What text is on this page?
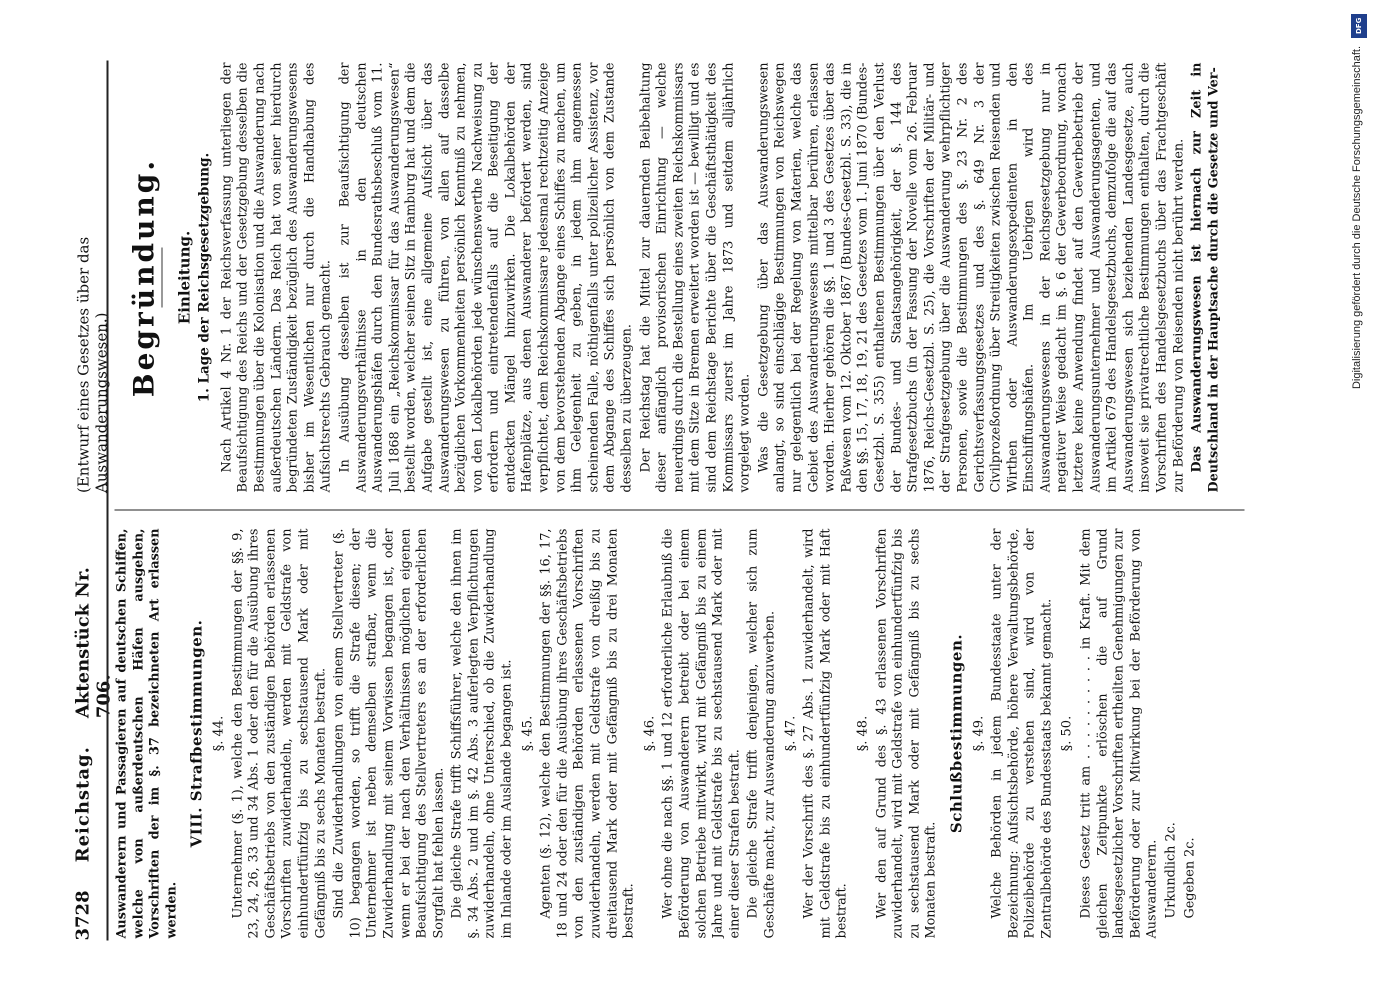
3728
Reichstag.
Aktenstück Nr. 706.
(Entwurf eines Gesetzes über das Auswanderungswesen.)

Auswanderern und Passagieren auf deutschen Schiffen, welche von außerdeutschen Häfen ausgehen, Vorschriften der im §. 37 bezeichneten Art erlassen werden.

VIII. Strafbestimmungen. §. 44. Unternehmer (§. 1), welche den Bestimmungen der §§. 9, 23, 24, 26, 33 und 34 Abs. 1 oder den für die Ausübung ihres Geschäftsbetriebs von den zuständigen Behörden erlassenen Vorschriften zuwiderhandeln, werden mit Geldstrafe von einhundertfünfzig bis zu sechstausend Mark oder mit Gefängniß bis zu sechs Monaten bestraft. Sind die Zuwiderhandlungen von einem Stellvertreter (§. 10) begangen worden, so trifft die Strafe diesen; der Unternehmer ist neben demselben strafbar, wenn die Zuwiderhandlung mit seinem Vorwissen begangen ist, oder wenn er bei der nach den Verhältnissen möglichen eigenen Beaufsichtigung des Stellvertreters es an der erforderlichen Sorgfalt hat fehlen lassen. Die gleiche Strafe trifft Schiffsführer, welche den ihnen im §. 34 Abs. 2 und im §. 42 Abs. 3 auferlegten Verpflichtungen zuwiderhandeln, ohne Unterschied, ob die Zuwiderhandlung im Inlande oder im Auslande begangen ist. §. 45. Agenten (§. 12), welche den Bestimmungen der §§. 16, 17, 18 und 24 oder den für die Ausübung ihres Geschäftsbetriebs von den zuständigen Behörden erlassenen Vorschriften zuwiderhandeln, werden mit Geldstrafe von dreißig bis zu dreitausend Mark oder mit Gefängniß bis zu drei Monaten bestraft.

§. 46. Wer ohne die nach §§. 1 und 12 erforderliche Erlaubniß die Beförderung von Auswanderern betreibt oder bei einem solchen Betriebe mitwirkt, wird mit Gefängniß bis zu einem Jahre und mit Geldstrafe bis zu sechstausend Mark oder mit einer dieser Strafen bestraft. Die gleiche Strafe trifft denjenigen, welcher sich zum Geschäfte macht, zur Auswanderung anzuwerben. §. 47. Wer der Vorschrift des §. 27 Abs. 1 zuwiderhandelt, wird mit Geldstrafe bis zu einhundertfünfzig Mark oder mit Haft bestraft.

§. 48. Wer den auf Grund des §. 43 erlassenen Vorschriften zuwiderhandelt, wird mit Geldstrafe von einhundertfünfzig bis zu sechstausend Mark oder mit Gefängniß bis zu sechs Monaten bestraft.

Schlußbestimmungen. §. 49. Welche Behörden in jedem Bundesstaate unter der Bezeichnung: Aufsichtsbehörde, höhere Verwaltungsbehörde, Polizeibehörde zu verstehen sind, wird von der Zentralbehörde des Bundesstaats bekannt gemacht. §. 50. Dieses Gesetz tritt am . . . . . . . . . . in Kraft. Mit dem gleichen Zeitpunkte erlöschen die auf Grund landesgesetzlicher Vorschriften ertheilten Genehmigungen zur Beförderung oder zur Mitwirkung bei der Beförderung von Auswanderern. Urkundlich 2c. Gegeben 2c.

Begründung. Einleitung. 1. Lage der Reichsgesetzgebung. Nach Artikel 4 Nr. 1 der Reichsverfassung unterliegen der Beaufsichtigung des Reichs und der Gesetzgebung desselben die Bestimmungen über die Kolonisation und die Auswanderung nach außerdeutschen Ländern. Das Reich hat von seiner hierdurch begründeten Zuständigkeit bezüglich des Auswanderungswesens bisher im Wesentlichen nur durch die Handhabung des Aufsichtsrechts Gebrauch gemacht. In Ausübung desselben ist zur Beaufsichtigung der Auswanderungsverhältnisse in den deutschen Auswanderungshäfen durch den Bundesrathsbeschluß vom 11. Juli 1868 ein „Reichskommissar für das Auswanderungswesen“ bestellt worden, welcher seinen Sitz in Hamburg hat und dem die Aufgabe gestellt ist, eine allgemeine Aufsicht über das Auswanderungswesen zu führen, von allen auf dasselbe bezüglichen Vorkommenheiten persönlich Kenntniß zu nehmen, von den Lokalbehörden jede wünschenswerthe Nachweisung zu erfordern und eintretendenfalls auf die Beseitigung der entdeckten Mängel hinzuwirken. Die Lokalbehörden der Hafenplätze, aus denen Auswanderer befördert werden, sind verpflichtet, dem Reichskommissare jedesmal rechtzeitig Anzeige von dem bevorstehenden Abgange eines Schiffes zu machen, um ihm Gelegenheit zu geben, in jedem ihm angemessen scheinenden Falle, nöthigenfalls unter polizeilicher Assistenz, vor dem Abgange des Schiffes sich persönlich von dem Zustande desselben zu überzeugen. Der Reichstag hat die Mittel zur dauernden Beibehaltung dieser anfänglich provisorischen Einrichtung — welche neuerdings durch die Bestellung eines zweiten Reichskommissars mit dem Sitze in Bremen erweitert worden ist — bewilligt und es sind dem Reichstage Berichte über die Geschäftsthätigkeit des Kommissars zuerst im Jahre 1873 und seitdem alljährlich vorgelegt worden. Was die Gesetzgebung über das Auswanderungswesen anlangt, so sind einschlägige Bestimmungen von Reichswegen nur gelegentlich bei der Regelung von Materien, welche das Gebiet des Auswanderungswesens mittelbar berühren, erlassen worden. Hierher gehören die §§. 1 und 3 des Gesetzes über das Paßwesen vom 12. Oktober 1867 (Bundes-Gesetzbl. S. 33), die in den §§. 15, 17, 18, 19, 21 des Gesetzes vom 1. Juni 1870 (Bundes-Gesetzbl. S. 355) enthaltenen Bestimmungen über den Verlust der Bundes- und Staatsangehörigkeit, der §. 144 des Strafgesetzbuchs (in der Fassung der Novelle vom 26. Februar 1876, Reichs-Gesetzbl. S. 25), die Vorschriften der Militär- und der Strafgesetzgebung über die Auswanderung wehrpflichtiger Personen, sowie die Bestimmungen des §. 23 Nr. 2 des Gerichtsverfassungsgesetzes und des §. 649 Nr. 3 der Civilprozeßordnung über Streitigkeiten zwischen Reisenden und Wirthen oder Auswanderungsexpedienten in den Einschiffungshäfen. Im Uebrigen wird des Auswanderungswesens in der Reichsgesetzgebung nur in negativer Weise gedacht im §. 6 der Gewerbeordnung, wonach letztere keine Anwendung findet auf den Gewerbebetrieb der Auswanderungsunternehmer und Auswanderungsagenten, und im Artikel 679 des Handelsgesetzbuchs, demzufolge die auf das Auswanderungswesen sich beziehenden Landesgesetze, auch insoweit sie privatrechtliche Bestimmungen enthalten, durch die Vorschriften des Handelsgesetzbuchs über das Frachtgeschäft zur Beförderung von Reisenden nicht berührt werden. Das Auswanderungswesen ist hiernach zur Zeit in Deutschland in der Hauptsache durch die Gesetze und Ver-

DFG
Digitalisierung gefördert durch die Deutsche Forschungsgemeinschaft.
